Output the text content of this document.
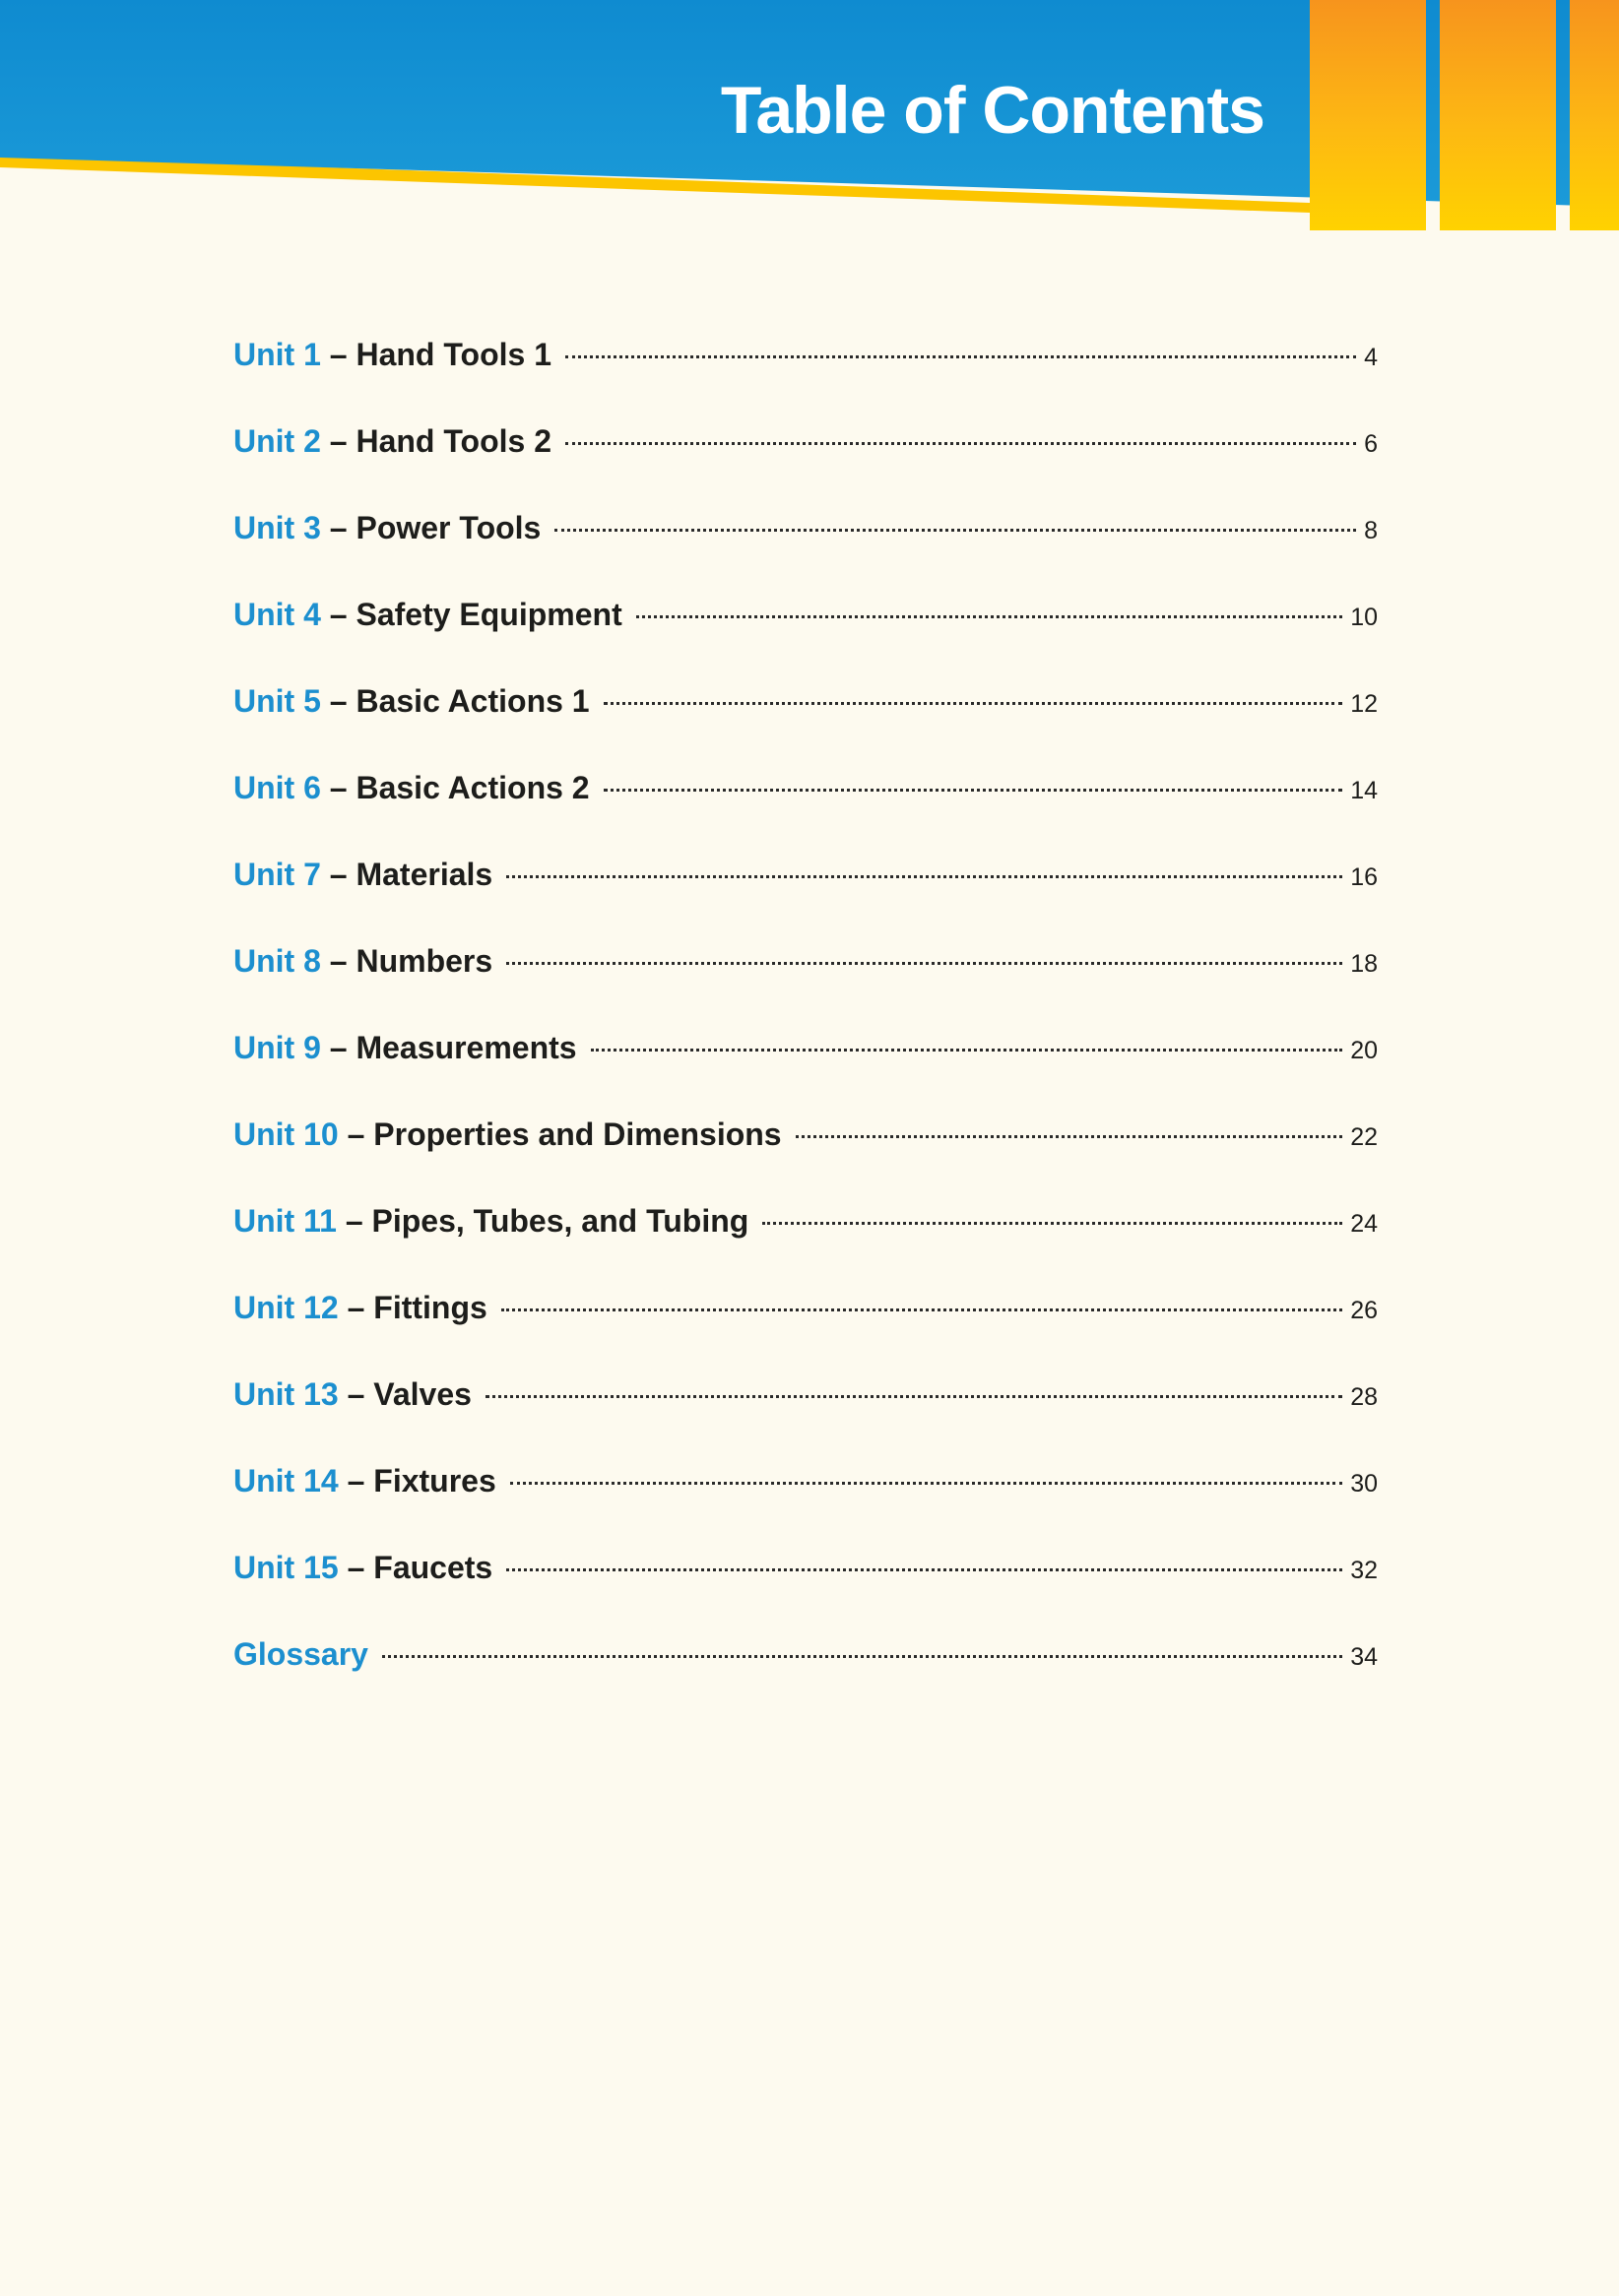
Table of Contents
Unit 1 – Hand Tools 1	4
Unit 2 – Hand Tools 2	6
Unit 3 – Power Tools	8
Unit 4 – Safety Equipment	10
Unit 5 – Basic Actions 1	12
Unit 6 – Basic Actions 2	14
Unit 7 – Materials	16
Unit 8 – Numbers	18
Unit 9 – Measurements	20
Unit 10 – Properties and Dimensions	22
Unit 11 – Pipes, Tubes, and Tubing	24
Unit 12 – Fittings	26
Unit 13 – Valves	28
Unit 14 – Fixtures	30
Unit 15 – Faucets	32
Glossary	34
